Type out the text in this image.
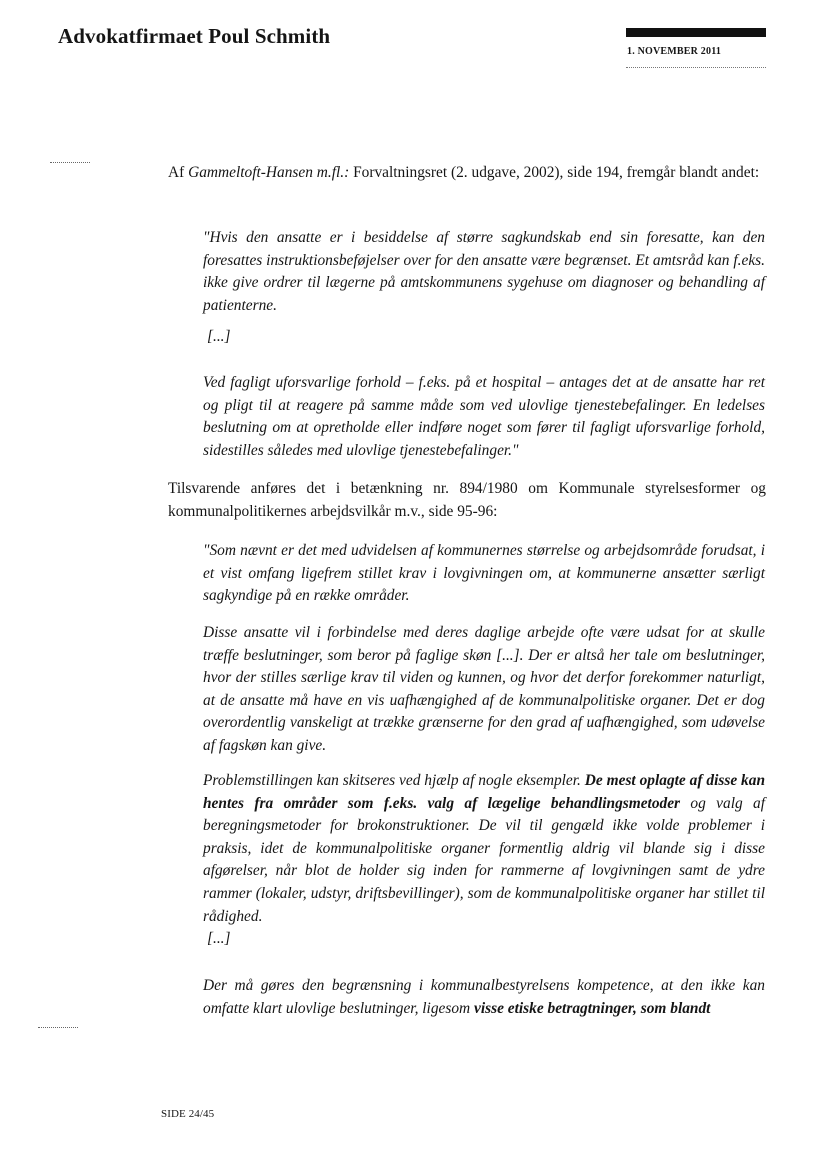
Advokatfirmaet Poul Schmith
1. NOVEMBER 2011

Af Gammeltoft-Hansen m.fl.: Forvaltningsret (2. udgave, 2002), side 194, fremgår blandt andet:

"Hvis den ansatte er i besiddelse af større sagkundskab end sin foresatte, kan den foresattes instruktionsbeføjelser over for den ansatte være begrænset. Et amtsråd kan f.eks. ikke give ordrer til lægerne på amtskommunens sygehuse om diagnoser og behandling af patienterne.

[...]

Ved fagligt uforsvarlige forhold – f.eks. på et hospital – antages det at de ansatte har ret og pligt til at reagere på samme måde som ved ulovlige tjenestebefalinger. En ledelses beslutning om at opretholde eller indføre noget som fører til fagligt uforsvarlige forhold, sidestilles således med ulovlige tjenestebefalinger."

Tilsvarende anføres det i betænkning nr. 894/1980 om Kommunale styrelsesformer og kommunalpolitikernes arbejdsvilkår m.v., side 95-96:

"Som nævnt er det med udvidelsen af kommunernes størrelse og arbejdsområde forudsat, i et vist omfang ligefrem stillet krav i lovgivningen om, at kommunerne ansætter særligt sagkyndige på en række områder.

Disse ansatte vil i forbindelse med deres daglige arbejde ofte være udsat for at skulle træffe beslutninger, som beror på faglige skøn [...]. Der er altså her tale om beslutninger, hvor der stilles særlige krav til viden og kunnen, og hvor det derfor forekommer naturligt, at de ansatte må have en vis uafhængighed af de kommunalpolitiske organer. Det er dog overordentlig vanskeligt at trække grænserne for den grad af uafhængighed, som udøvelse af fagskøn kan give.

Problemstillingen kan skitseres ved hjælp af nogle eksempler. De mest oplagte af disse kan hentes fra områder som f.eks. valg af lægelige behandlingsmetoder og valg af beregningsmetoder for brokonstruktioner. De vil til gengæld ikke volde problemer i praksis, idet de kommunalpolitiske organer formentlig aldrig vil blande sig i disse afgørelser, når blot de holder sig inden for rammerne af lovgivningen samt de ydre rammer (lokaler, udstyr, driftsbevillinger), som de kommunalpolitiske organer har stillet til rådighed.

[...]

Der må gøres den begrænsning i kommunalbestyrelsens kompetence, at den ikke kan omfatte klart ulovlige beslutninger, ligesom visse etiske betragtninger, som blandt

SIDE 24/45
